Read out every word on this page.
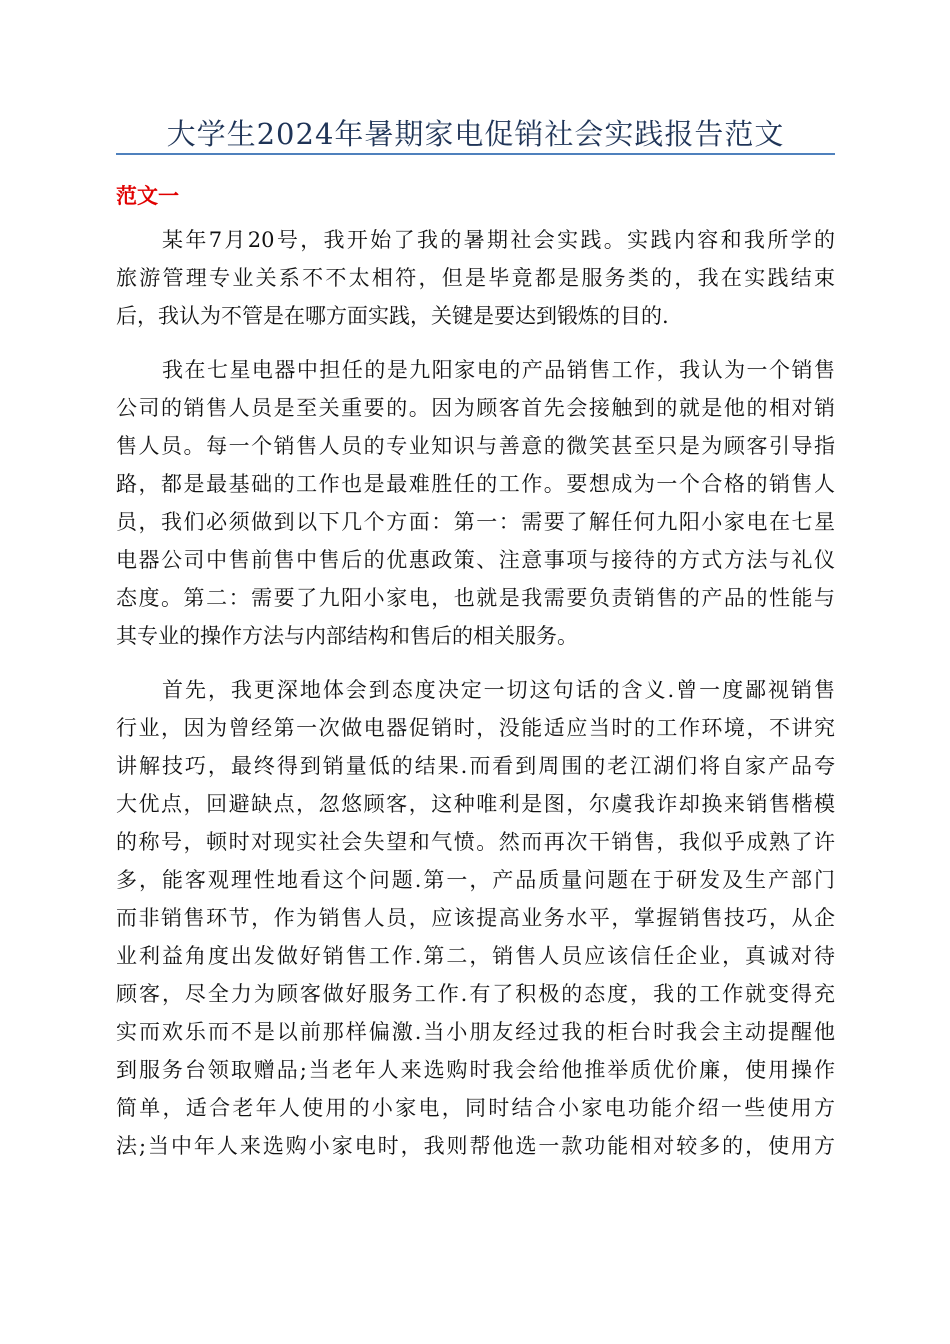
大学生2024年暑期家电促销社会实践报告范文
范文一
某年7月20号，我开始了我的暑期社会实践。实践内容和我所学的
旅游管理专业关系不不太相符，但是毕竟都是服务类的，我在实践结束
后，我认为不管是在哪方面实践，关键是要达到锻炼的目的.
我在七星电器中担任的是九阳家电的产品销售工作，我认为一个销售
公司的销售人员是至关重要的。因为顾客首先会接触到的就是他的相对销
售人员。每一个销售人员的专业知识与善意的微笑甚至只是为顾客引导指
路，都是最基础的工作也是最难胜任的工作。要想成为一个合格的销售人
员，我们必须做到以下几个方面：第一：需要了解任何九阳小家电在七星
电器公司中售前售中售后的优惠政策、注意事项与接待的方式方法与礼仪
态度。第二：需要了九阳小家电，也就是我需要负责销售的产品的性能与
其专业的操作方法与内部结构和售后的相关服务。
首先，我更深地体会到态度决定一切这句话的含义.曾一度鄙视销售
行业，因为曾经第一次做电器促销时，没能适应当时的工作环境，不讲究
讲解技巧，最终得到销量低的结果.而看到周围的老江湖们将自家产品夸
大优点，回避缺点，忽悠顾客，这种唯利是图，尔虞我诈却换来销售楷模
的称号，顿时对现实社会失望和气愤。然而再次干销售，我似乎成熟了许
多，能客观理性地看这个问题.第一，产品质量问题在于研发及生产部门
而非销售环节，作为销售人员，应该提高业务水平，掌握销售技巧，从企
业利益角度出发做好销售工作.第二，销售人员应该信任企业，真诚对待
顾客，尽全力为顾客做好服务工作.有了积极的态度，我的工作就变得充
实而欢乐而不是以前那样偏激.当小朋友经过我的柜台时我会主动提醒他
到服务台领取赠品;当老年人来选购时我会给他推举质优价廉，使用操作
简单，适合老年人使用的小家电，同时结合小家电功能介绍一些使用方
法;当中年人来选购小家电时，我则帮他选一款功能相对较多的，使用方
